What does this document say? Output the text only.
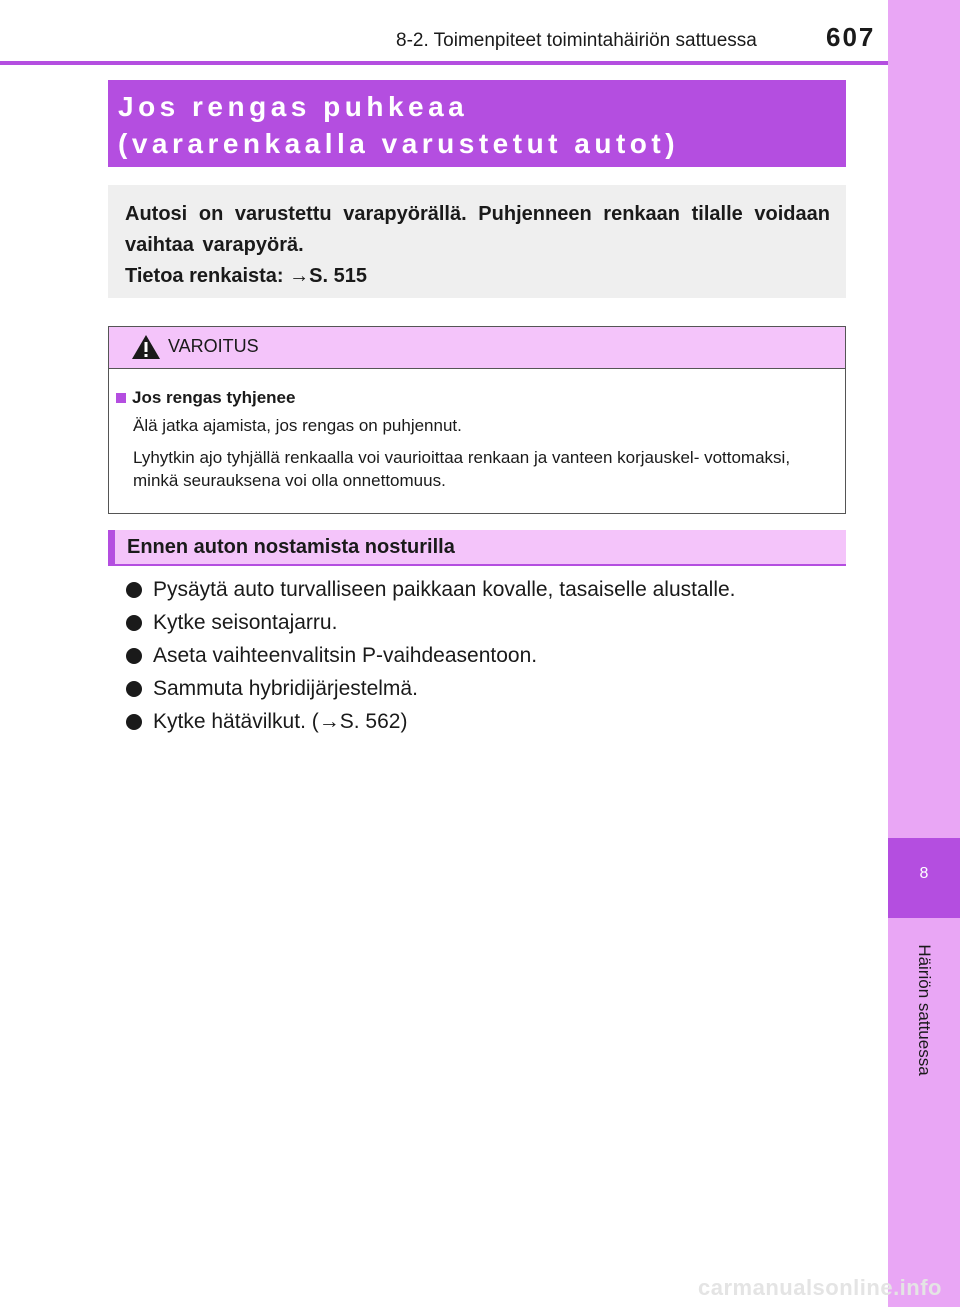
8
Häiriön sattuessa
8-2. Toimenpiteet toimintahäiriön sattuessa	607
Jos rengas puhkeaa
(vararenkaalla varustetut autot)
Autosi on varustettu varapyörällä. Puhjenneen renkaan tilalle voidaan vaihtaa varapyörä.
Tietoa renkaista: →S. 515
VAROITUS
Jos rengas tyhjenee

Älä jatka ajamista, jos rengas on puhjennut.

Lyhytkin ajo tyhjällä renkaalla voi vaurioittaa renkaan ja vanteen korjauskel- vottomaksi, minkä seurauksena voi olla onnettomuus.

Ennen auton nostamista nosturilla
Pysäytä auto turvalliseen paikkaan kovalle, tasaiselle alustalle.
Kytke seisontajarru.
Aseta vaihteenvalitsin P-vaihdeasentoon.
Sammuta hybridijärjestelmä.
Kytke hätävilkut. (→S. 562)
carmanualsonline.info
